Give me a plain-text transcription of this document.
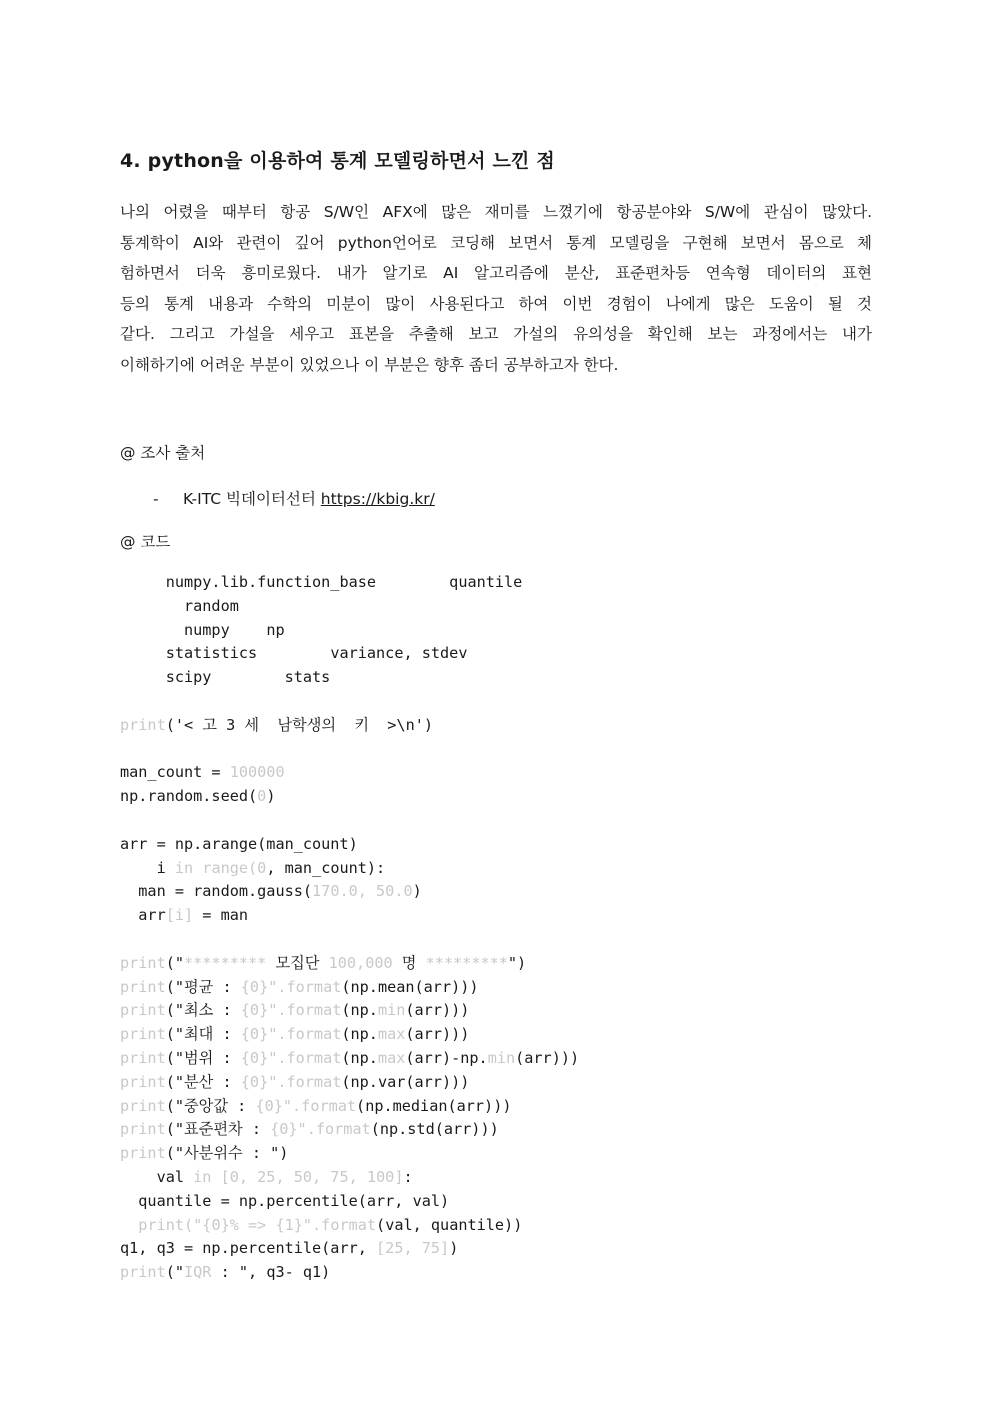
4. python을 이용하여 통계 모델링하면서 느낀 점
나의 어렸을 때부터 항공 S/W인 AFX에 많은 재미를 느꼈기에 항공분야와 S/W에 관심이 많았다.
통계학이 AI와 관련이 깊어 python언어로 코딩해 보면서 통계 모델링을 구현해 보면서 몸으로 체
험하면서 더욱 흥미로웠다. 내가 알기로 AI 알고리즘에 분산, 표준편차등 연속형 데이터의 표현
등의 통계 내용과 수학의 미분이 많이 사용된다고 하여 이번 경험이 나에게 많은 도움이 될 것
같다. 그리고 가설을 세우고 표본을 추출해 보고 가설의 유의성을 확인해 보는 과정에서는 내가
이해하기에 어려운 부분이 있었으나 이 부분은 향후 좀더 공부하고자 한다.
@ 조사 출처
- K-ITC 빅데이터선터 https://kbig.kr/
@ 코드
numpy.lib.function_base        quantile
random
numpy    np
statistics        variance, stdev
scipy        stats
print('< 고 3 세  남학생의  키  >\n')
man_count = 100000
np.random.seed(0)
arr = np.arange(man_count)
i in range(0, man_count):
man = random.gauss(170.0, 50.0)
arr[i] = man
print("********* 모집단 100,000 명 *********")
print("평균 : {0}".format(np.mean(arr)))
print("최소 : {0}".format(np.min(arr)))
print("최대 : {0}".format(np.max(arr)))
print("범위 : {0}".format(np.max(arr)-np.min(arr)))
print("분산 : {0}".format(np.var(arr)))
print("중앙값 : {0}".format(np.median(arr)))
print("표준편차 : {0}".format(np.std(arr)))
print("사분위수 : ")
val in [0, 25, 50, 75, 100]:
quantile = np.percentile(arr, val)
print("{0}% => {1}".format(val, quantile))
q1, q3 = np.percentile(arr, [25, 75])
print("IQR : ", q3- q1)
